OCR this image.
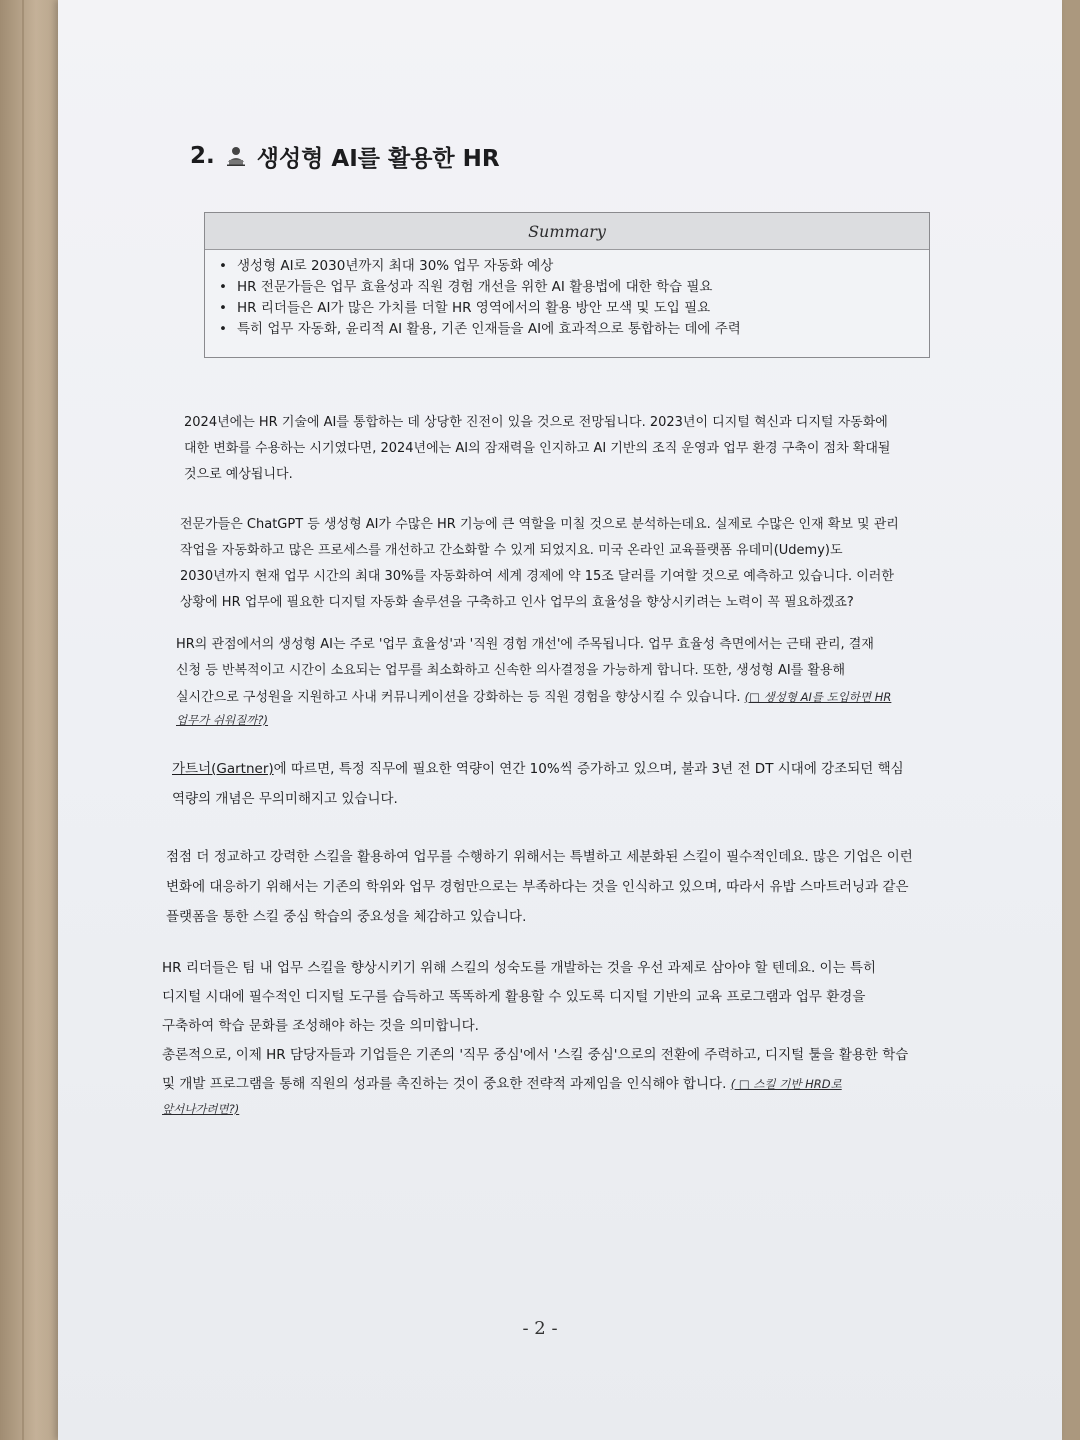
2. 생성형 AI를 활용한 HR
Summary
• 생성형 AI로 2030년까지 최대 30% 업무 자동화 예상
• HR 전문가들은 업무 효율성과 직원 경험 개선을 위한 AI 활용법에 대한 학습 필요
• HR 리더들은 AI가 많은 가치를 더할 HR 영역에서의 활용 방안 모색 및 도입 필요
• 특히 업무 자동화, 윤리적 AI 활용, 기존 인재들을 AI에 효과적으로 통합하는 데에 주력
2024년에는 HR 기술에 AI를 통합하는 데 상당한 진전이 있을 것으로 전망됩니다. 2023년이 디지털 혁신과 디지털 자동화에
대한 변화를 수용하는 시기였다면, 2024년에는 AI의 잠재력을 인지하고 AI 기반의 조직 운영과 업무 환경 구축이 점차 확대될
것으로 예상됩니다.
전문가들은 ChatGPT 등 생성형 AI가 수많은 HR 기능에 큰 역할을 미칠 것으로 분석하는데요. 실제로 수많은 인재 확보 및 관리
작업을 자동화하고 많은 프로세스를 개선하고 간소화할 수 있게 되었지요. 미국 온라인 교육플랫폼 유데미(Udemy)도
2030년까지 현재 업무 시간의 최대 30%를 자동화하여 세계 경제에 약 15조 달러를 기여할 것으로 예측하고 있습니다. 이러한
상황에 HR 업무에 필요한 디지털 자동화 솔루션을 구축하고 인사 업무의 효율성을 향상시키려는 노력이 꼭 필요하겠죠?
HR의 관점에서의 생성형 AI는 주로 '업무 효율성'과 '직원 경험 개선'에 주목됩니다. 업무 효율성 측면에서는 근태 관리, 결재
신청 등 반복적이고 시간이 소요되는 업무를 최소화하고 신속한 의사결정을 가능하게 합니다. 또한, 생성형 AI를 활용해
실시간으로 구성원을 지원하고 사내 커뮤니케이션을 강화하는 등 직원 경험을 향상시킬 수 있습니다. (□ 생성형 AI를 도입하면 HR
업무가 쉬워질까?)
가트너(Gartner)에 따르면, 특정 직무에 필요한 역량이 연간 10%씩 증가하고 있으며, 불과 3년 전 DT 시대에 강조되던 핵심
역량의 개념은 무의미해지고 있습니다.
점점 더 정교하고 강력한 스킬을 활용하여 업무를 수행하기 위해서는 특별하고 세분화된 스킬이 필수적인데요. 많은 기업은 이런
변화에 대응하기 위해서는 기존의 학위와 업무 경험만으로는 부족하다는 것을 인식하고 있으며, 따라서 유밥 스마트러닝과 같은
플랫폼을 통한 스킬 중심 학습의 중요성을 체감하고 있습니다.
HR 리더들은 팀 내 업무 스킬을 향상시키기 위해 스킬의 성숙도를 개발하는 것을 우선 과제로 삼아야 할 텐데요. 이는 특히
디지털 시대에 필수적인 디지털 도구를 습득하고 똑똑하게 활용할 수 있도록 디지털 기반의 교육 프로그램과 업무 환경을
구축하여 학습 문화를 조성해야 하는 것을 의미합니다.
총론적으로, 이제 HR 담당자들과 기업들은 기존의 '직무 중심'에서 '스킬 중심'으로의 전환에 주력하고, 디지털 툴을 활용한 학습
및 개발 프로그램을 통해 직원의 성과를 촉진하는 것이 중요한 전략적 과제임을 인식해야 합니다. ( □ 스킬 기반 HRD로
앞서나가려면?)
- 2 -
